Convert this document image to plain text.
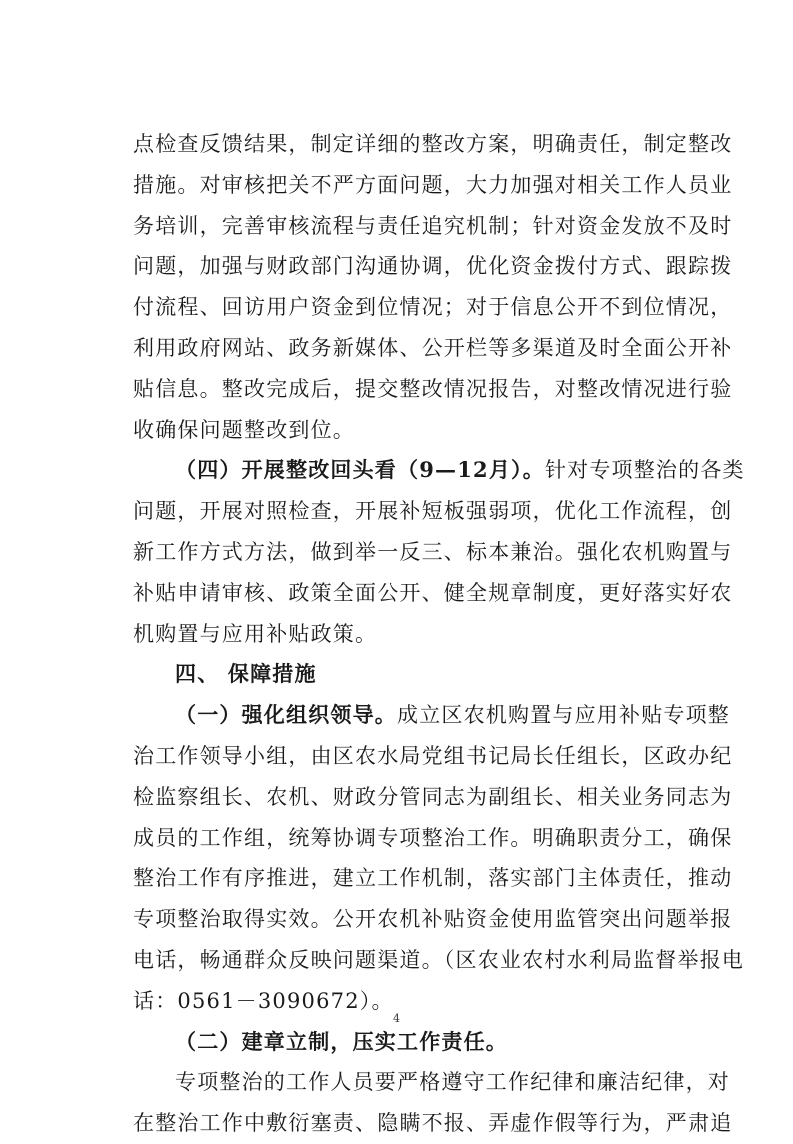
点检查反馈结果，制定详细的整改方案，明确责任，制定整改
措施。对审核把关不严方面问题，大力加强对相关工作人员业
务培训，完善审核流程与责任追究机制；针对资金发放不及时
问题，加强与财政部门沟通协调，优化资金拨付方式、跟踪拨
付流程、回访用户资金到位情况；对于信息公开不到位情况，
利用政府网站、政务新媒体、公开栏等多渠道及时全面公开补
贴信息。整改完成后，提交整改情况报告，对整改情况进行验
收确保问题整改到位。
（四）开展整改回头看（9—12月）。针对专项整治的各类
问题，开展对照检查，开展补短板强弱项，优化工作流程，创
新工作方式方法，做到举一反三、标本兼治。强化农机购置与
补贴申请审核、政策全面公开、健全规章制度，更好落实好农
机购置与应用补贴政策。
四、 保障措施
（一）强化组织领导。成立区农机购置与应用补贴专项整
治工作领导小组，由区农水局党组书记局长任组长，区政办纪
检监察组长、农机、财政分管同志为副组长、相关业务同志为
成员的工作组，统筹协调专项整治工作。明确职责分工，确保
整治工作有序推进，建立工作机制，落实部门主体责任，推动
专项整治取得实效。公开农机补贴资金使用监管突出问题举报
电话，畅通群众反映问题渠道。（区农业农村水利局监督举报电
话：0561－3090672）。
（二）建章立制，压实工作责任。
专项整治的工作人员要严格遵守工作纪律和廉洁纪律，对
在整治工作中敷衍塞责、隐瞒不报、弄虚作假等行为，严肃追
4
